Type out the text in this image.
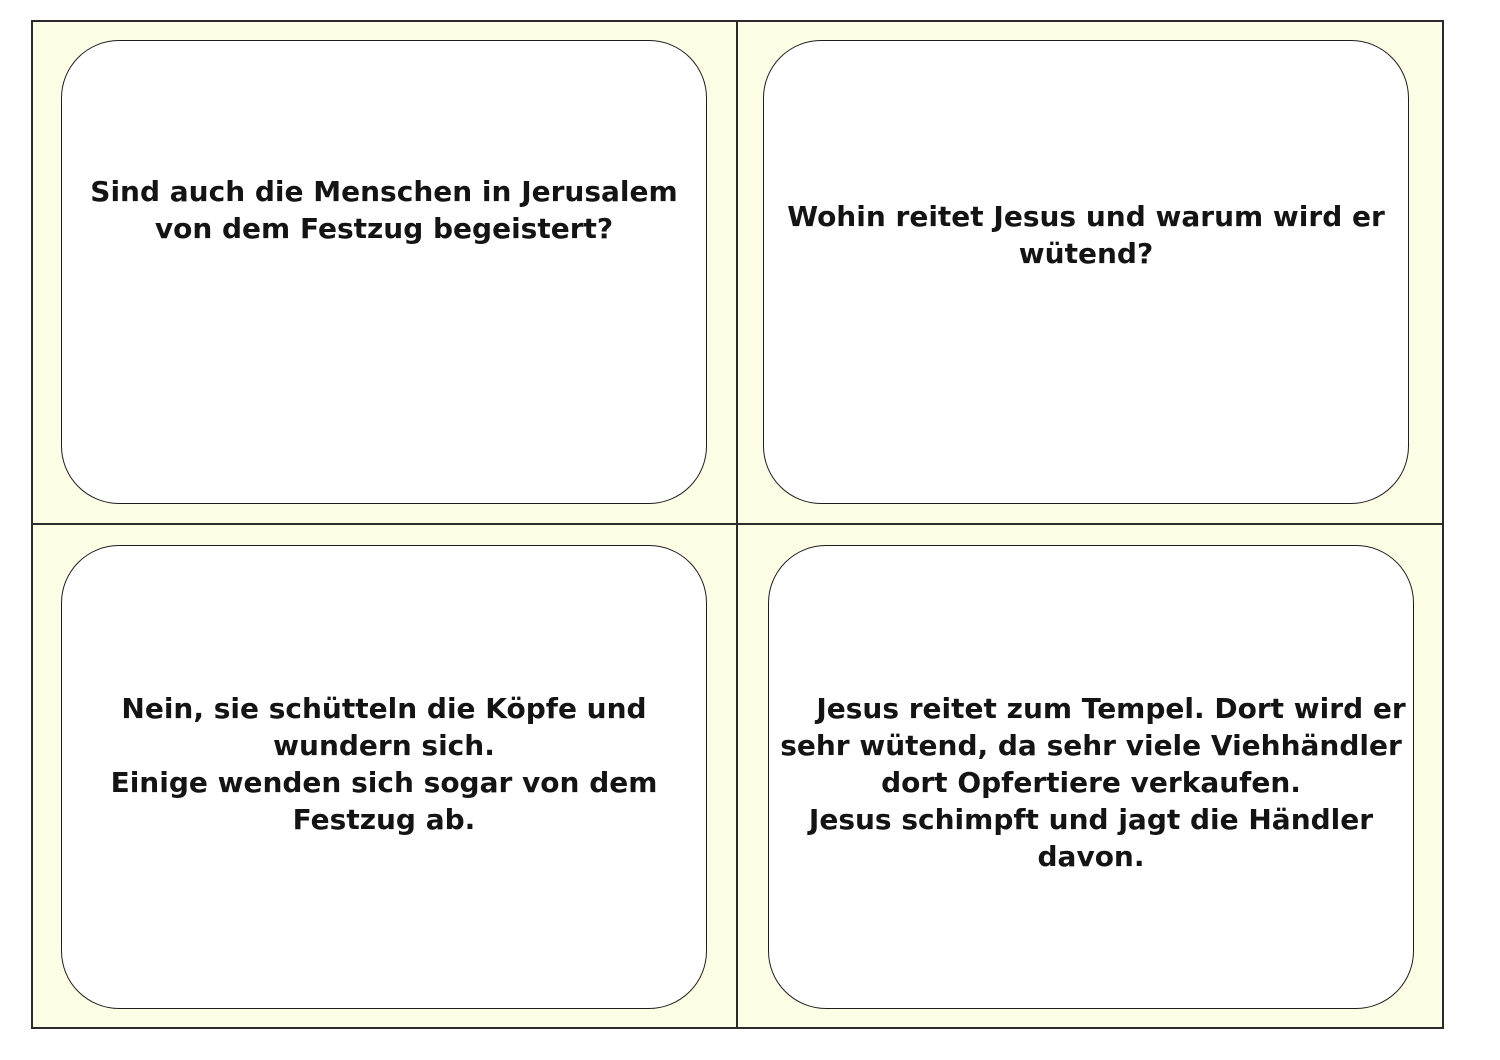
Sind auch die Menschen in Jerusalem
von dem Festzug begeistert?	Wohin reitet Jesus und warum wird er
wütend?
Nein, sie schütteln die Köpfe und
wundern sich.
Einige wenden sich sogar von dem
Festzug ab.
Jesus reitet zum Tempel. Dort wird er
sehr wütend, da sehr viele Viehhändler
dort Opfertiere verkaufen.
Jesus schimpft und jagt die Händler
davon.
